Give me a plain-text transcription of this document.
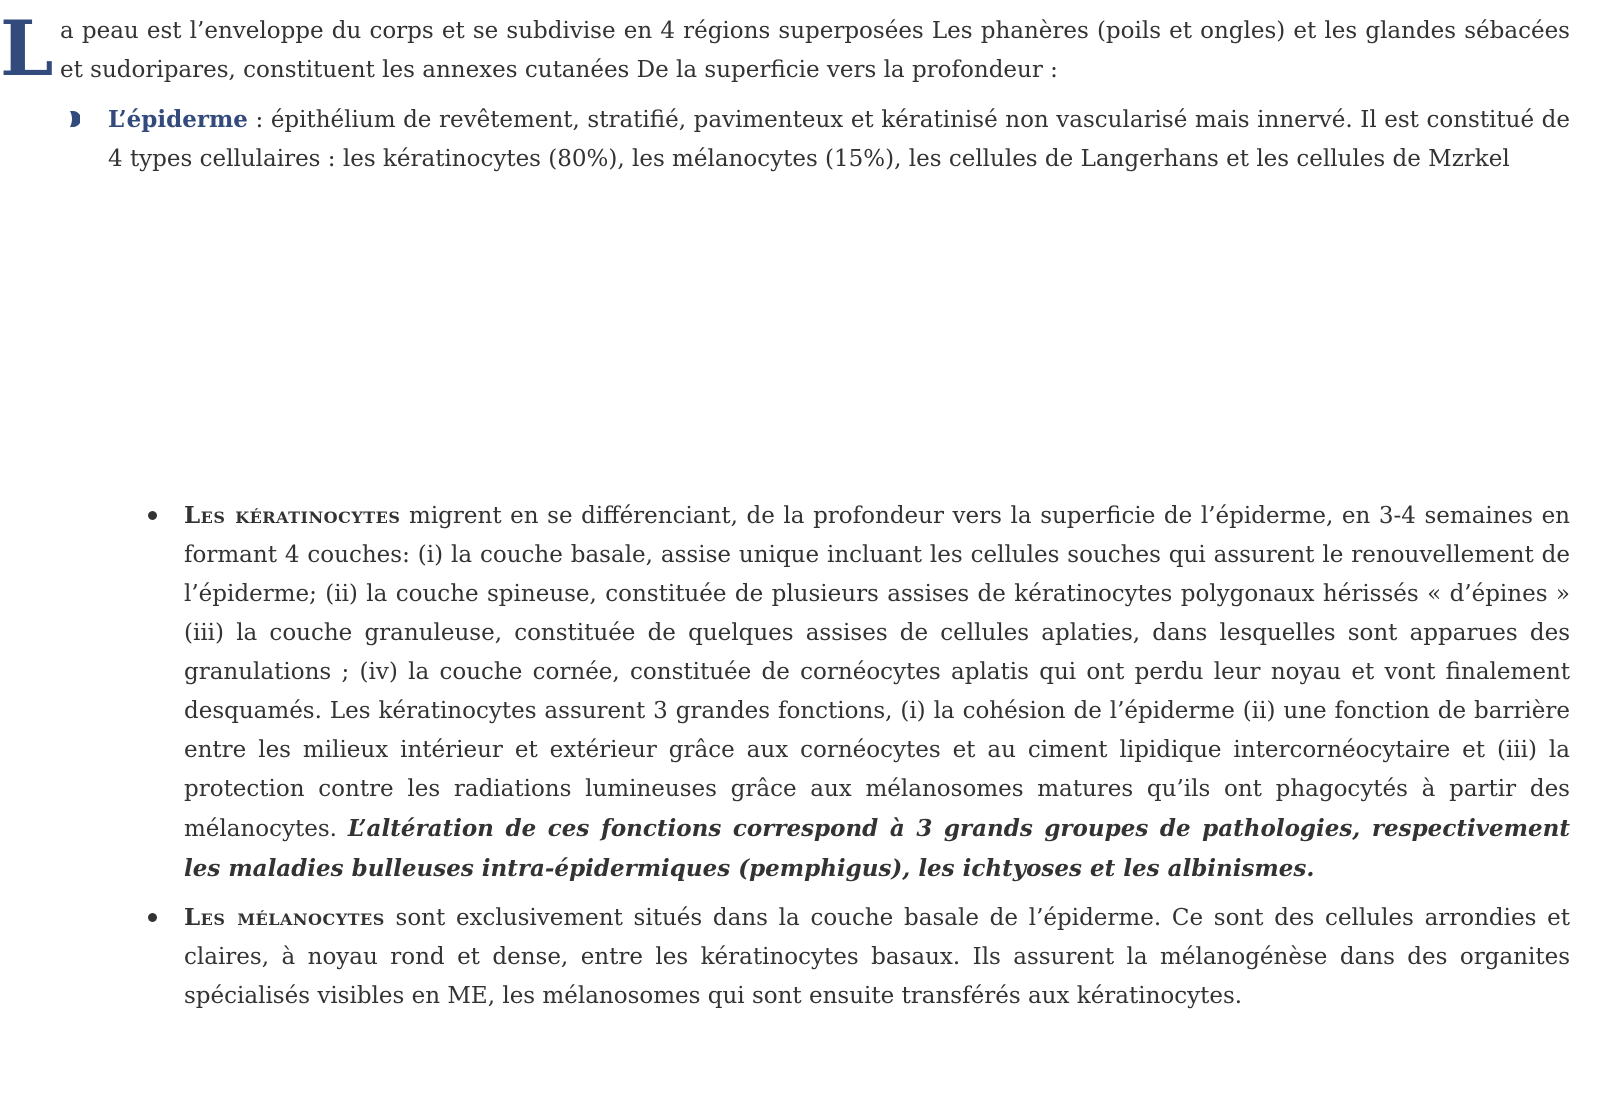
L a peau est l’enveloppe du corps et se subdivise en 4 régions superposées Les phanères (poils et ongles) et les glandes sébacées et sudoripares, constituent les annexes cutanées De la superficie vers la profondeur :
L’épiderme : épithélium de revêtement, stratifié, pavimenteux et kératinisé non vascularisé mais innervé. Il est constitué de 4 types cellulaires : les kératinocytes (80%), les mélanocytes (15%), les cellules de Langerhans et les cellules de Mzrkel
Les kératinocytes migrent en se différenciant, de la profondeur vers la superficie de l’épiderme, en 3-4 semaines en formant 4 couches: (i) la couche basale, assise unique incluant les cellules souches qui assurent le renouvellement de l’épiderme; (ii) la couche spineuse, constituée de plusieurs assises de kératinocytes polygonaux hérissés « d’épines » (iii) la couche granuleuse, constituée de quelques assises de cellules aplaties, dans lesquelles sont apparues des granulations ; (iv) la couche cornée, constituée de cornéocytes aplatis qui ont perdu leur noyau et vont finalement desquamés. Les kératinocytes assurent 3 grandes fonctions, (i) la cohésion de l’épiderme (ii) une fonction de barrière entre les milieux intérieur et extérieur grâce aux cornéocytes et au ciment lipidique intercornéocytaire et (iii) la protection contre les radiations lumineuses grâce aux mélanosomes matures qu’ils ont phagocytés à partir des mélanocytes. L’altération de ces fonctions correspond à 3 grands groupes de pathologies, respectivement les maladies bulleuses intra-épidermiques (pemphigus), les ichtyoses et les albinismes.
Les mélanocytes sont exclusivement situés dans la couche basale de l’épiderme. Ce sont des cellules arrondies et claires, à noyau rond et dense, entre les kératinocytes basaux. Ils assurent la mélanogénèse dans des organites spécialisés visibles en ME, les mélanosomes qui sont ensuite transférés aux kératinocytes.
